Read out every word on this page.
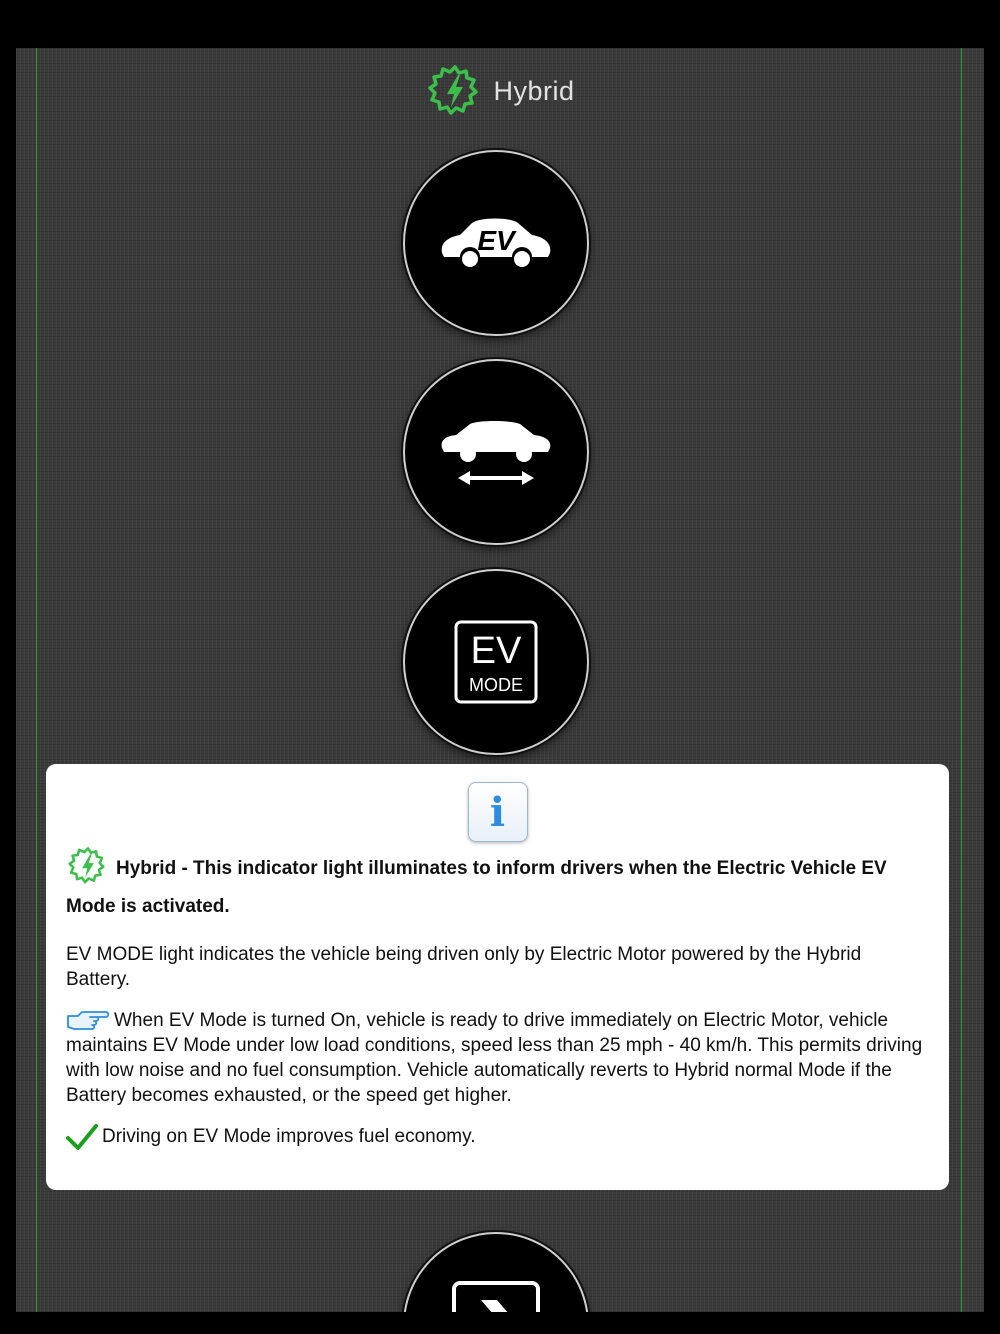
Hybrid
EV
EV
MODE
i
Hybrid - This indicator light illuminates to inform drivers when the Electric Vehicle EV Mode is activated.
EV MODE light indicates the vehicle being driven only by Electric Motor powered by the Hybrid Battery.
When EV Mode is turned On, vehicle is ready to drive immediately on Electric Motor, vehicle maintains EV Mode under low load conditions, speed less than 25 mph - 40 km/h. This permits driving with low noise and no fuel consumption. Vehicle automatically reverts to Hybrid normal Mode if the Battery becomes exhausted, or the speed get higher.
Driving on EV Mode improves fuel economy.
